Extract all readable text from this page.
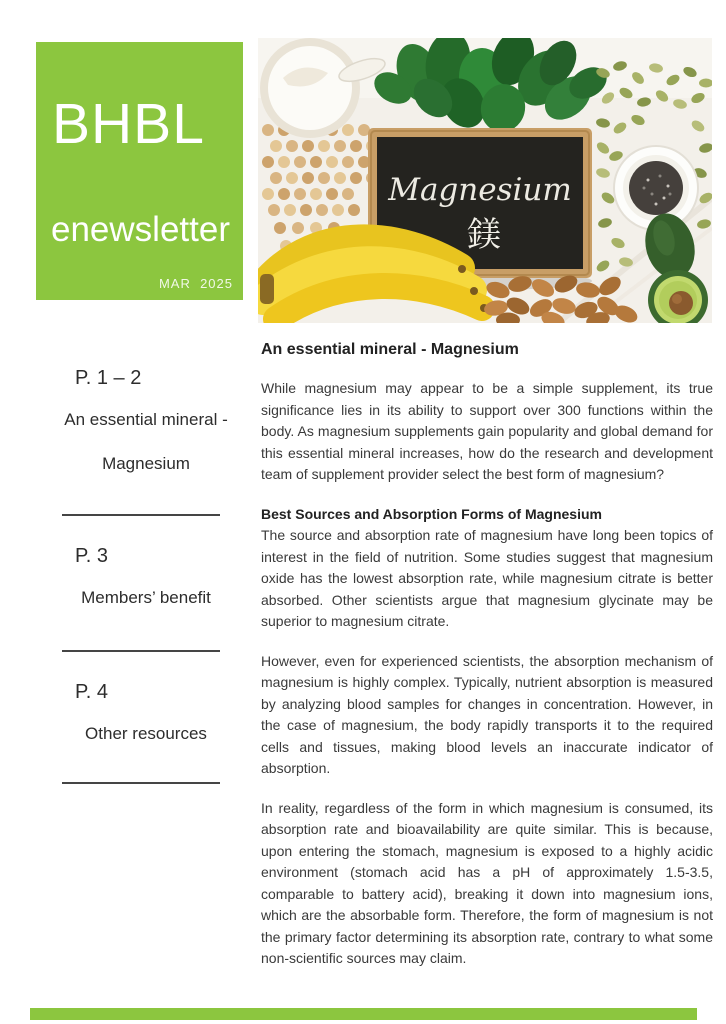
BHBL
enewsletter
MAR  2025
Magnesium
鎂
P. 1 – 2
An essential mineral -
Magnesium
P. 3
Members’ benefit
P. 4
Other resources
An essential mineral - Magnesium

While magnesium may appear to be a simple supplement, its true significance lies in its ability to support over 300 functions within the body. As magnesium supplements gain popularity and global demand for this essential mineral increases, how do the research and development team of supplement provider select the best form of magnesium?

Best Sources and Absorption Forms of Magnesium

The source and absorption rate of magnesium have long been topics of interest in the field of nutrition. Some studies suggest that magnesium oxide has the lowest absorption rate, while magnesium citrate is better absorbed. Other scientists argue that magnesium glycinate may be superior to magnesium citrate.

However, even for experienced scientists, the absorption mechanism of magnesium is highly complex. Typically, nutrient absorption is measured by analyzing blood samples for changes in concentration. However, in the case of magnesium, the body rapidly transports it to the required cells and tissues, making blood levels an inaccurate indicator of absorption.

In reality, regardless of the form in which magnesium is consumed, its absorption rate and bioavailability are quite similar. This is because, upon entering the stomach, magnesium is exposed to a highly acidic environment (stomach acid has a pH of approximately 1.5-3.5, comparable to battery acid), breaking it down into magnesium ions, which are the absorbable form. Therefore, the form of magnesium is not the primary factor determining its absorption rate, contrary to what some non-scientific sources may claim.
